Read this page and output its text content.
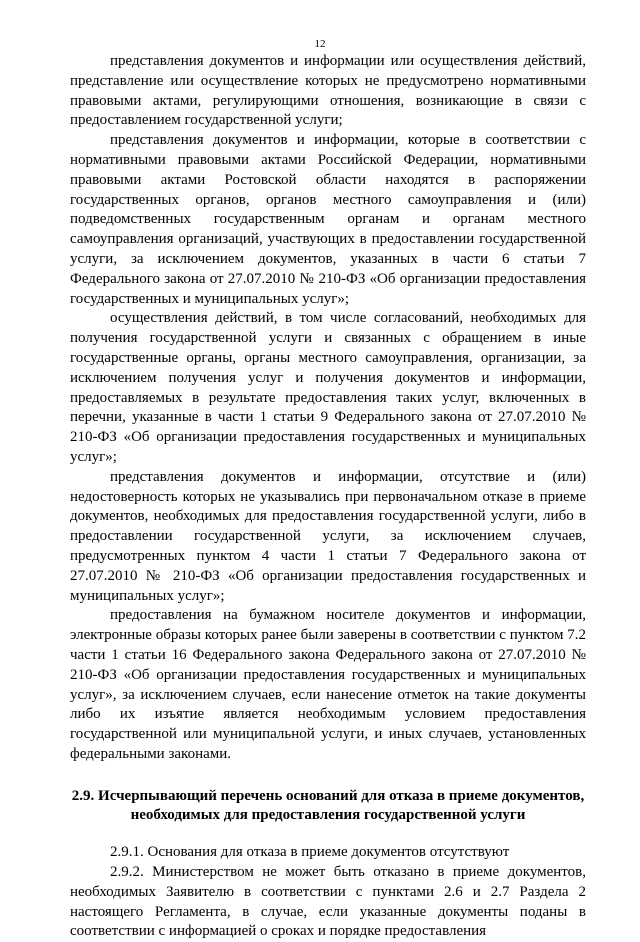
12

представления документов и информации или осуществления действий, представление или осуществление которых не предусмотрено нормативными правовыми актами, регулирующими отношения, возникающие в связи с предоставлением государственной услуги;

представления документов и информации, которые в соответствии с нормативными правовыми актами Российской Федерации, нормативными правовыми актами Ростовской области находятся в распоряжении государственных органов, органов местного самоуправления и (или) подведомственных государственным органам и органам местного самоуправления организаций, участвующих в предоставлении государственной услуги, за исключением документов, указанных в части 6 статьи 7 Федерального закона от 27.07.2010 № 210-ФЗ «Об организации предоставления государственных и муниципальных услуг»;

осуществления действий, в том числе согласований, необходимых для получения государственной услуги и связанных с обращением в иные государственные органы, органы местного самоуправления, организации, за исключением получения услуг и получения документов и информации, предоставляемых в результате предоставления таких услуг, включенных в перечни, указанные в части 1 статьи 9 Федерального закона от 27.07.2010 № 210-ФЗ «Об организации предоставления государственных и муниципальных услуг»;

представления документов и информации, отсутствие и (или) недостоверность которых не указывались при первоначальном отказе в приеме документов, необходимых для предоставления государственной услуги, либо в предоставлении государственной услуги, за исключением случаев, предусмотренных пунктом 4 части 1 статьи 7 Федерального закона от 27.07.2010 № 210-ФЗ «Об организации предоставления государственных и муниципальных услуг»;

предоставления на бумажном носителе документов и информации, электронные образы которых ранее были заверены в соответствии с пунктом 7.2 части 1 статьи 16 Федерального закона Федерального закона от 27.07.2010 № 210-ФЗ «Об организации предоставления государственных и муниципальных услуг», за исключением случаев, если нанесение отметок на такие документы либо их изъятие является необходимым условием предоставления государственной или муниципальной услуги, и иных случаев, установленных федеральными законами.

2.9. Исчерпывающий перечень оснований для отказа в приеме документов, необходимых для предоставления государственной услуги

2.9.1. Основания для отказа в приеме документов отсутствуют

2.9.2. Министерством не может быть отказано в приеме документов, необходимых Заявителю в соответствии с пунктами 2.6 и 2.7 Раздела 2 настоящего Регламента, в случае, если указанные документы поданы в соответствии с информацией о сроках и порядке предоставления
